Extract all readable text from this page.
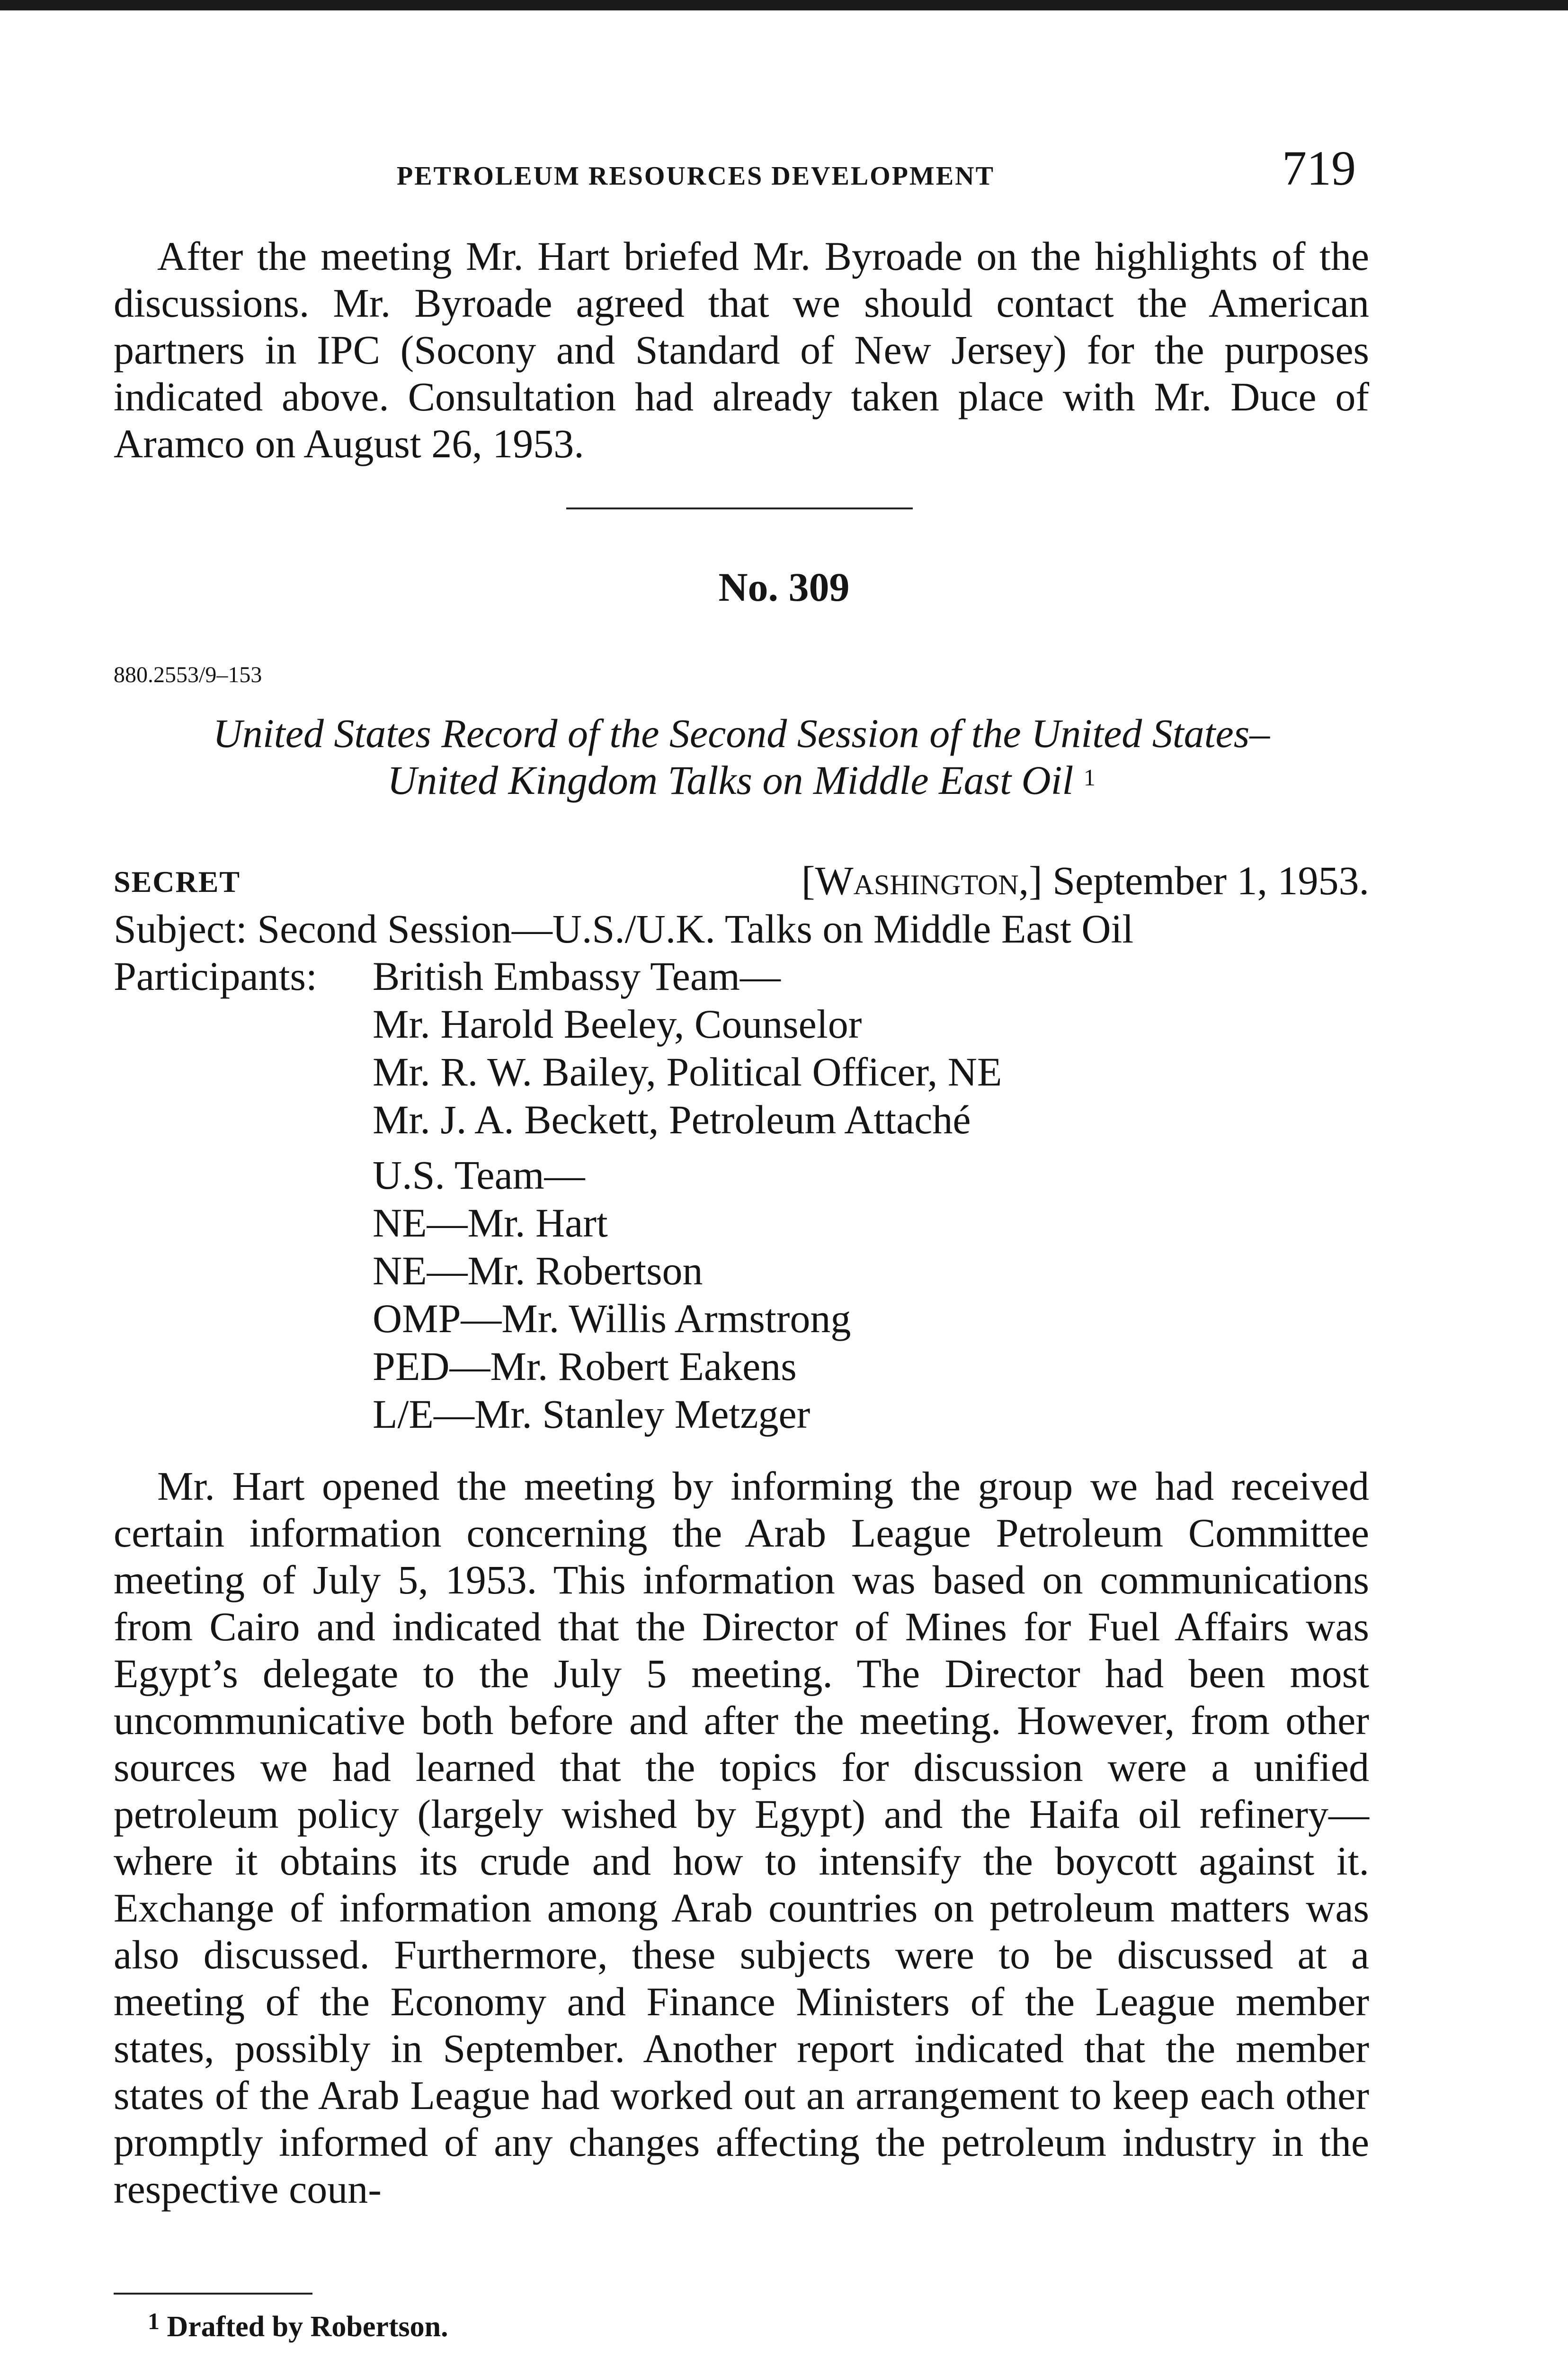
PETROLEUM RESOURCES DEVELOPMENT	719

After the meeting Mr. Hart briefed Mr. Byroade on the highlights of the discussions. Mr. Byroade agreed that we should contact the American partners in IPC (Socony and Standard of New Jersey) for the purposes indicated above. Consultation had already taken place with Mr. Duce of Aramco on August 26, 1953.

No. 309
880.2553/9–153
United States Record of the Second Session of the United States–
United Kingdom Talks on Middle East Oil $^1$
SECRET	[Washington,] September 1, 1953.
Subject: Second Session—U.S./U.K. Talks on Middle East Oil
Participants: British Embassy Team—
Mr. Harold Beeley, Counselor
Mr. R. W. Bailey, Political Officer, NE
Mr. J. A. Beckett, Petroleum Attaché
U.S. Team—
NE—Mr. Hart
NE—Mr. Robertson
OMP—Mr. Willis Armstrong
PED—Mr. Robert Eakens
L/E—Mr. Stanley Metzger

Mr. Hart opened the meeting by informing the group we had received certain information concerning the Arab League Petroleum Committee meeting of July 5, 1953. This information was based on communications from Cairo and indicated that the Director of Mines for Fuel Affairs was Egypt’s delegate to the July 5 meeting. The Director had been most uncommunicative both before and after the meeting. However, from other sources we had learned that the topics for discussion were a unified petroleum policy (largely wished by Egypt) and the Haifa oil refinery— where it obtains its crude and how to intensify the boycott against it. Exchange of information among Arab countries on petroleum matters was also discussed. Furthermore, these subjects were to be discussed at a meeting of the Economy and Finance Ministers of the League member states, possibly in September. Another report indicated that the member states of the Arab League had worked out an arrangement to keep each other promptly informed of any changes affecting the petroleum industry in the respective coun-

$^1$ Drafted by Robertson.
